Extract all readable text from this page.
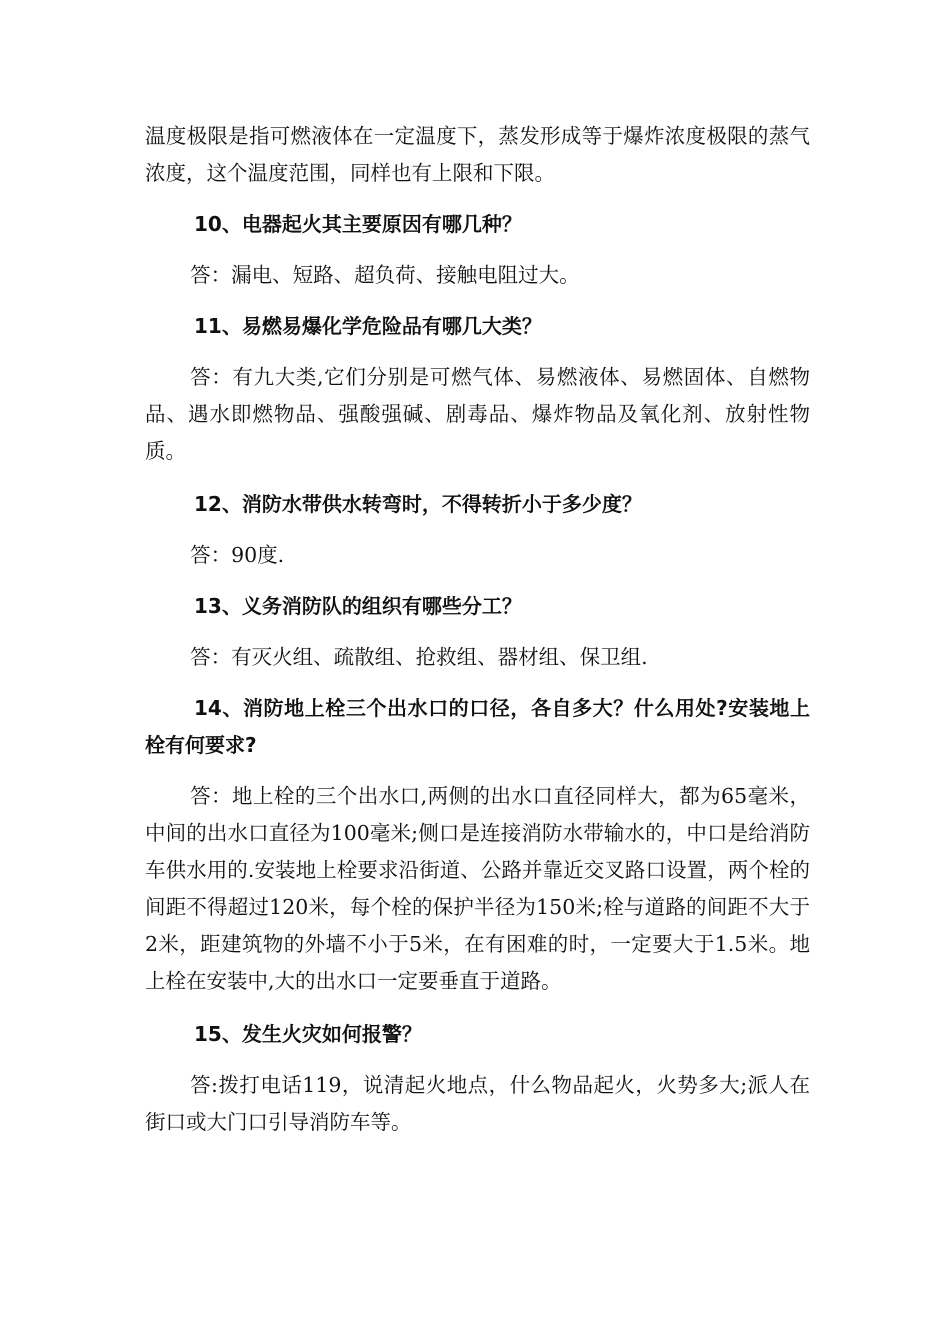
温度极限是指可燃液体在一定温度下，蒸发形成等于爆炸浓度极限的蒸气浓度，这个温度范围，同样也有上限和下限。

10、电器起火其主要原因有哪几种？

答：漏电、短路、超负荷、接触电阻过大。

11、易燃易爆化学危险品有哪几大类？

答：有九大类,它们分别是可燃气体、易燃液体、易燃固体、自燃物品、遇水即燃物品、强酸强碱、剧毒品、爆炸物品及氧化剂、放射性物质。

12、消防水带供水转弯时，不得转折小于多少度？

答：90度.

13、义务消防队的组织有哪些分工？

答：有灭火组、疏散组、抢救组、器材组、保卫组.

14、消防地上栓三个出水口的口径，各自多大？什么用处?安装地上栓有何要求?

答：地上栓的三个出水口,两侧的出水口直径同样大，都为65毫米，中间的出水口直径为100毫米;侧口是连接消防水带输水的，中口是给消防车供水用的.安装地上栓要求沿街道、公路并靠近交叉路口设置，两个栓的间距不得超过120米，每个栓的保护半径为150米;栓与道路的间距不大于2米，距建筑物的外墙不小于5米，在有困难的时，一定要大于1.5米。地上栓在安装中,大的出水口一定要垂直于道路。

15、发生火灾如何报警？

答:拨打电话119，说清起火地点，什么物品起火，火势多大;派人在街口或大门口引导消防车等。
